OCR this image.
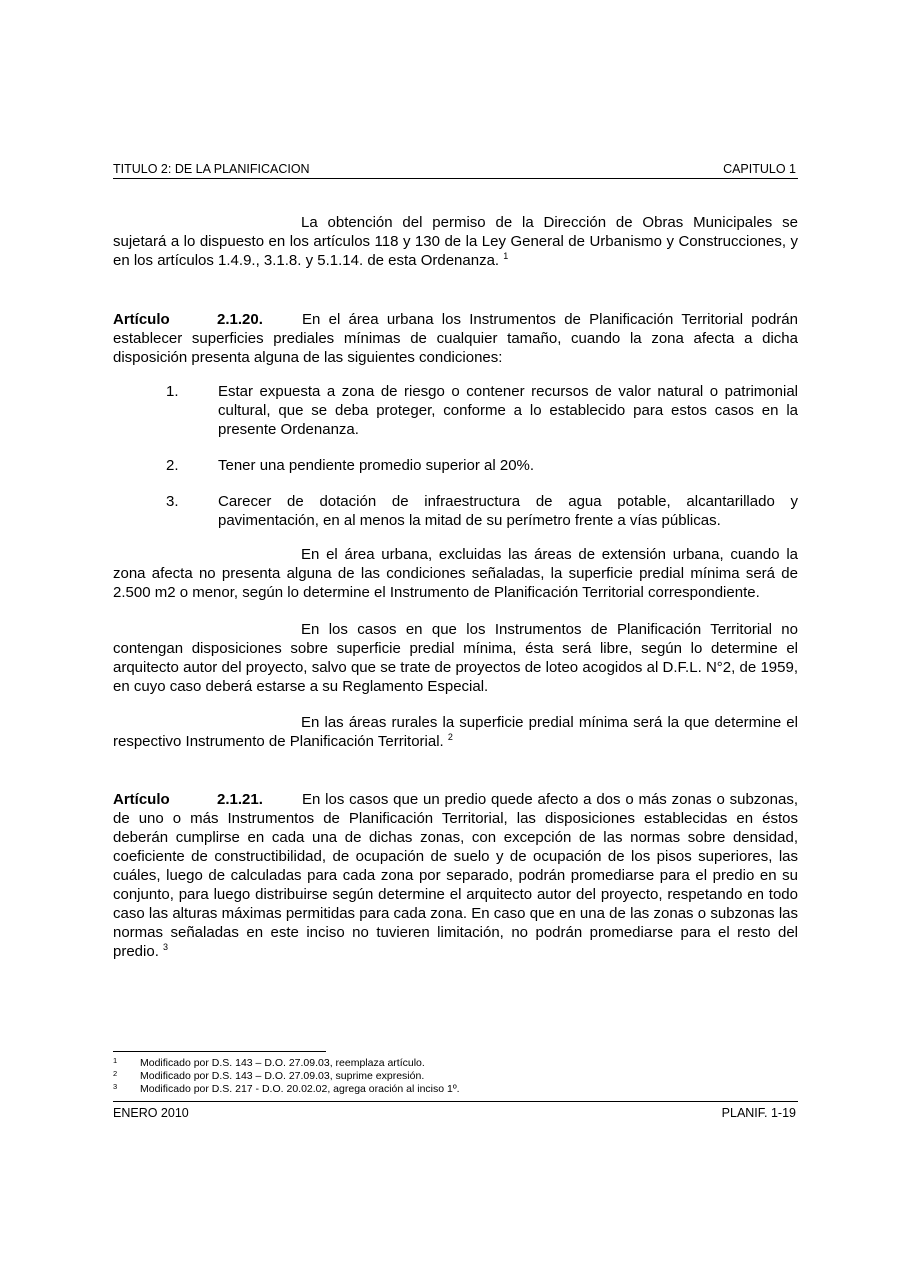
TITULO 2: DE LA PLANIFICACION	CAPITULO 1

La obtención del permiso de la Dirección de Obras Municipales se sujetará a lo dispuesto en los artículos 118 y 130 de la Ley General de Urbanismo y Construcciones, y en los artículos 1.4.9., 3.1.8. y 5.1.14. de esta Ordenanza. $^1$

Artículo	2.1.20.	En el área urbana los Instrumentos de Planificación Territorial podrán establecer superficies prediales mínimas de cualquier tamaño, cuando la zona afecta a dicha disposición presenta alguna de las siguientes condiciones:

1.	Estar expuesta a zona de riesgo o contener recursos de valor natural o patrimonial cultural, que se deba proteger, conforme a lo establecido para estos casos en la presente Ordenanza.
2.	Tener una pendiente promedio superior al 20%.
3.	Carecer de dotación de infraestructura de agua potable, alcantarillado y pavimentación, en al menos la mitad de su perímetro frente a vías públicas.

En el área urbana, excluidas las áreas de extensión urbana, cuando la zona afecta no presenta alguna de las condiciones señaladas, la superficie predial mínima será de 2.500 m2 o menor, según lo determine el Instrumento de Planificación Territorial correspondiente.

En los casos en que los Instrumentos de Planificación Territorial no contengan disposiciones sobre superficie predial mínima, ésta será libre, según lo determine el arquitecto autor del proyecto, salvo que se trate de proyectos de loteo acogidos al D.F.L. N°2, de 1959, en cuyo caso deberá estarse a su Reglamento Especial.

En las áreas rurales la superficie predial mínima será la que determine el respectivo Instrumento de Planificación Territorial. $^2$

Artículo	2.1.21.	En los casos que un predio quede afecto a dos o más zonas o subzonas, de uno o más Instrumentos de Planificación Territorial, las disposiciones establecidas en éstos deberán cumplirse en cada una de dichas zonas, con excepción de las normas sobre densidad, coeficiente de constructibilidad, de ocupación de suelo y de ocupación de los pisos superiores, las cuáles, luego de calculadas para cada zona por separado, podrán promediarse para el predio en su conjunto, para luego distribuirse según determine el arquitecto autor del proyecto, respetando en todo caso las alturas máximas permitidas para cada zona. En caso que en una de las zonas o subzonas las normas señaladas en este inciso no tuvieren limitación, no podrán promediarse para el resto del predio. $^3$

1 Modificado por D.S. 143 – D.O. 27.09.03, reemplaza artículo.
2 Modificado por D.S. 143 – D.O. 27.09.03, suprime expresión.
3 Modificado por D.S. 217 - D.O. 20.02.02, agrega oración al inciso 1º.
ENERO 2010	PLANIF. 1-19
